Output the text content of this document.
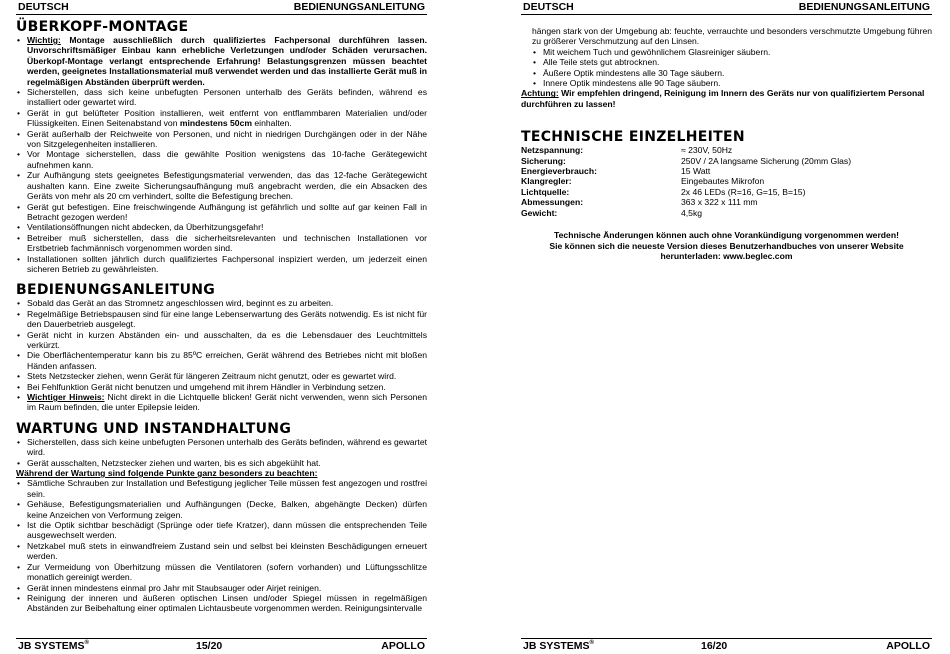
DEUTSCH	BEDIENUNGSANLEITUNG
ÜBERKOPF-MONTAGE
• Wichtig: Montage ausschließlich durch qualifiziertes Fachpersonal durchführen lassen. Unvorschriftsmäßiger Einbau kann erhebliche Verletzungen und/oder Schäden verursachen. Überkopf-Montage verlangt entsprechende Erfahrung! Belastungsgrenzen müssen beachtet werden, geeignetes Installationsmaterial muß verwendet werden und das installierte Gerät muß in regelmäßigen Abständen überprüft werden.
• Sicherstellen, dass sich keine unbefugten Personen unterhalb des Geräts befinden, während es installiert oder gewartet wird.
• Gerät in gut belüfteter Position installieren, weit entfernt von entflammbaren Materialien und/oder Flüssigkeiten. Einen Seitenabstand von mindestens 50cm einhalten.
• Gerät außerhalb der Reichweite von Personen, und nicht in niedrigen Durchgängen oder in der Nähe von Sitzgelegenheiten installieren.
• Vor Montage sicherstellen, dass die gewählte Position wenigstens das 10-fache Gerätegewicht aufnehmen kann.
• Zur Aufhängung stets geeignetes Befestigungsmaterial verwenden, das das 12-fache Gerätegewicht aushalten kann. Eine zweite Sicherungsaufhängung muß angebracht werden, die ein Absacken des Geräts von mehr als 20 cm verhindert, sollte die Befestigung brechen.
• Gerät gut befestigen. Eine freischwingende Aufhängung ist gefährlich und sollte auf gar keinen Fall in Betracht gezogen werden!
• Ventilationsöffnungen nicht abdecken, da Überhitzungsgefahr!
• Betreiber muß sicherstellen, dass die sicherheitsrelevanten und technischen Installationen vor Erstbetrieb fachmännisch vorgenommen worden sind.
• Installationen sollten jährlich durch qualifiziertes Fachpersonal inspiziert werden, um jederzeit einen sicheren Betrieb zu gewährleisten.
BEDIENUNGSANLEITUNG
• Sobald das Gerät an das Stromnetz angeschlossen wird, beginnt es zu arbeiten.
• Regelmäßige Betriebspausen sind für eine lange Lebenserwartung des Geräts notwendig. Es ist nicht für den Dauerbetrieb ausgelegt.
• Gerät nicht in kurzen Abständen ein- und ausschalten, da es die Lebensdauer des Leuchtmittels verkürzt.
• Die Oberflächentemperatur kann bis zu 85ºC erreichen, Gerät während des Betriebes nicht mit bloßen Händen anfassen.
• Stets Netzstecker ziehen, wenn Gerät für längeren Zeitraum nicht genutzt, oder es gewartet wird.
• Bei Fehlfunktion Gerät nicht benutzen und umgehend mit ihrem Händler in Verbindung setzen.
• Wichtiger Hinweis: Nicht direkt in die Lichtquelle blicken! Gerät nicht verwenden, wenn sich Personen im Raum befinden, die unter Epilepsie leiden.
WARTUNG UND INSTANDHALTUNG
• Sicherstellen, dass sich keine unbefugten Personen unterhalb des Geräts befinden, während es gewartet wird.
• Gerät ausschalten, Netzstecker ziehen und warten, bis es sich abgekühlt hat.
Während der Wartung sind folgende Punkte ganz besonders zu beachten:
• Sämtliche Schrauben zur Installation und Befestigung jeglicher Teile müssen fest angezogen und rostfrei sein.
• Gehäuse, Befestigungsmaterialien und Aufhängungen (Decke, Balken, abgehängte Decken) dürfen keine Anzeichen von Verformung zeigen.
• Ist die Optik sichtbar beschädigt (Sprünge oder tiefe Kratzer), dann müssen die entsprechenden Teile ausgewechselt werden.
• Netzkabel muß stets in einwandfreiem Zustand sein und selbst bei kleinsten Beschädigungen erneuert werden.
• Zur Vermeidung von Überhitzung müssen die Ventilatoren (sofern vorhanden) und Lüftungsschlitze monatlich gereinigt werden.
• Gerät innen mindestens einmal pro Jahr mit Staubsauger oder Airjet reinigen.
• Reinigung der inneren und äußeren optischen Linsen und/oder Spiegel müssen in regelmäßigen Abständen zur Beibehaltung einer optimalen Lichtausbeute vorgenommen werden. Reinigungsintervalle
JB SYSTEMS®	15/20	APOLLO
DEUTSCH	BEDIENUNGSANLEITUNG
hängen stark von der Umgebung ab: feuchte, verrauchte und besonders verschmutzte Umgebung führen zu größerer Verschmutzung auf den Linsen.
• Mit weichem Tuch und gewöhnlichem Glasreiniger säubern.
• Alle Teile stets gut abtrocknen.
• Äußere Optik mindestens alle 30 Tage säubern.
• Innere Optik mindestens alle 90 Tage säubern.
Achtung: Wir empfehlen dringend, Reinigung im Innern des Geräts nur von qualifiziertem Personal durchführen zu lassen!
TECHNISCHE EINZELHEITEN
Netzspannung:	≈ 230V, 50Hz
Sicherung:	250V / 2A langsame Sicherung (20mm Glas)
Energieverbrauch:	15 Watt
Klangregler:	Eingebautes Mikrofon
Lichtquelle:	2x 46 LEDs (R=16, G=15, B=15)
Abmessungen:	363 x 322 x 111 mm
Gewicht:	4,5kg
Technische Änderungen können auch ohne Vorankündigung vorgenommen werden!
Sie können sich die neueste Version dieses Benutzerhandbuches von unserer Website
herunterladen: www.beglec.com
JB SYSTEMS®	16/20	APOLLO
